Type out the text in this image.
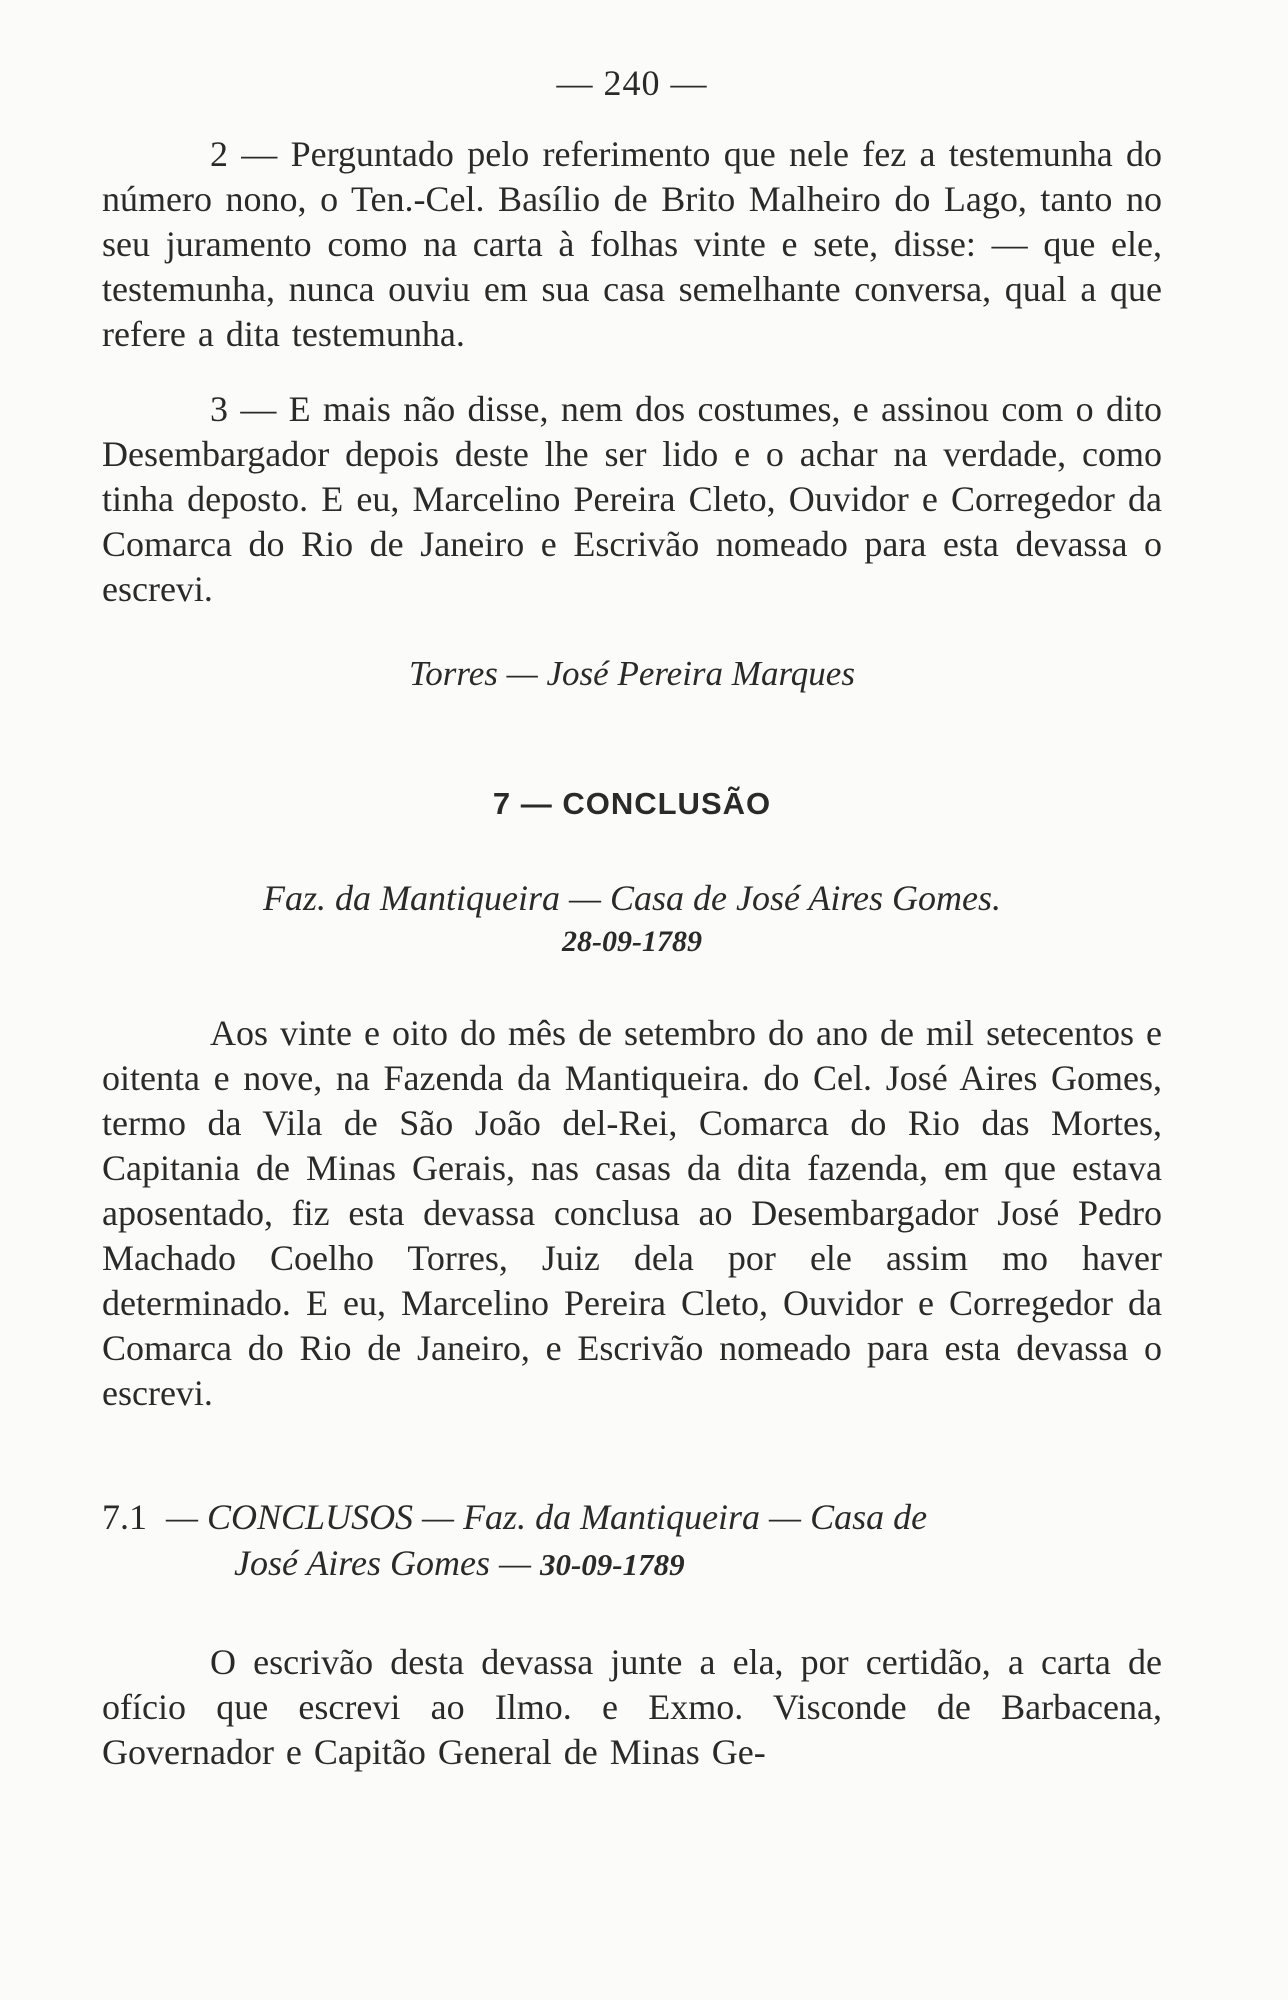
— 240 —

2 — Perguntado pelo referimento que nele fez a testemunha do número nono, o Ten.-Cel. Basílio de Brito Malheiro do Lago, tanto no seu juramento como na carta à folhas vinte e sete, disse: — que ele, testemunha, nunca ouviu em sua casa semelhante conversa, qual a que refere a dita testemunha.

3 — E mais não disse, nem dos costumes, e assinou com o dito Desembargador depois deste lhe ser lido e o achar na verdade, como tinha deposto. E eu, Marcelino Pereira Cleto, Ouvidor e Corregedor da Comarca do Rio de Janeiro e Escrivão nomeado para esta devassa o escrevi.

Torres — José Pereira Marques
7 — CONCLUSÃO
Faz. da Mantiqueira — Casa de José Aires Gomes.
28-09-1789

Aos vinte e oito do mês de setembro do ano de mil setecentos e oitenta e nove, na Fazenda da Mantiqueira. do Cel. José Aires Gomes, termo da Vila de São João del-Rei, Comarca do Rio das Mortes, Capitania de Minas Gerais, nas casas da dita fazenda, em que estava aposentado, fiz esta devassa conclusa ao Desembargador José Pedro Machado Coelho Torres, Juiz dela por ele assim mo haver determinado. E eu, Marcelino Pereira Cleto, Ouvidor e Corregedor da Comarca do Rio de Janeiro, e Escrivão nomeado para esta devassa o escrevi.

7.1 — CONCLUSOS — Faz. da Mantiqueira — Casa de
José Aires Gomes — 30-09-1789

O escrivão desta devassa junte a ela, por certidão, a carta de ofício que escrevi ao Ilmo. e Exmo. Visconde de Barbacena, Governador e Capitão General de Minas Ge-
